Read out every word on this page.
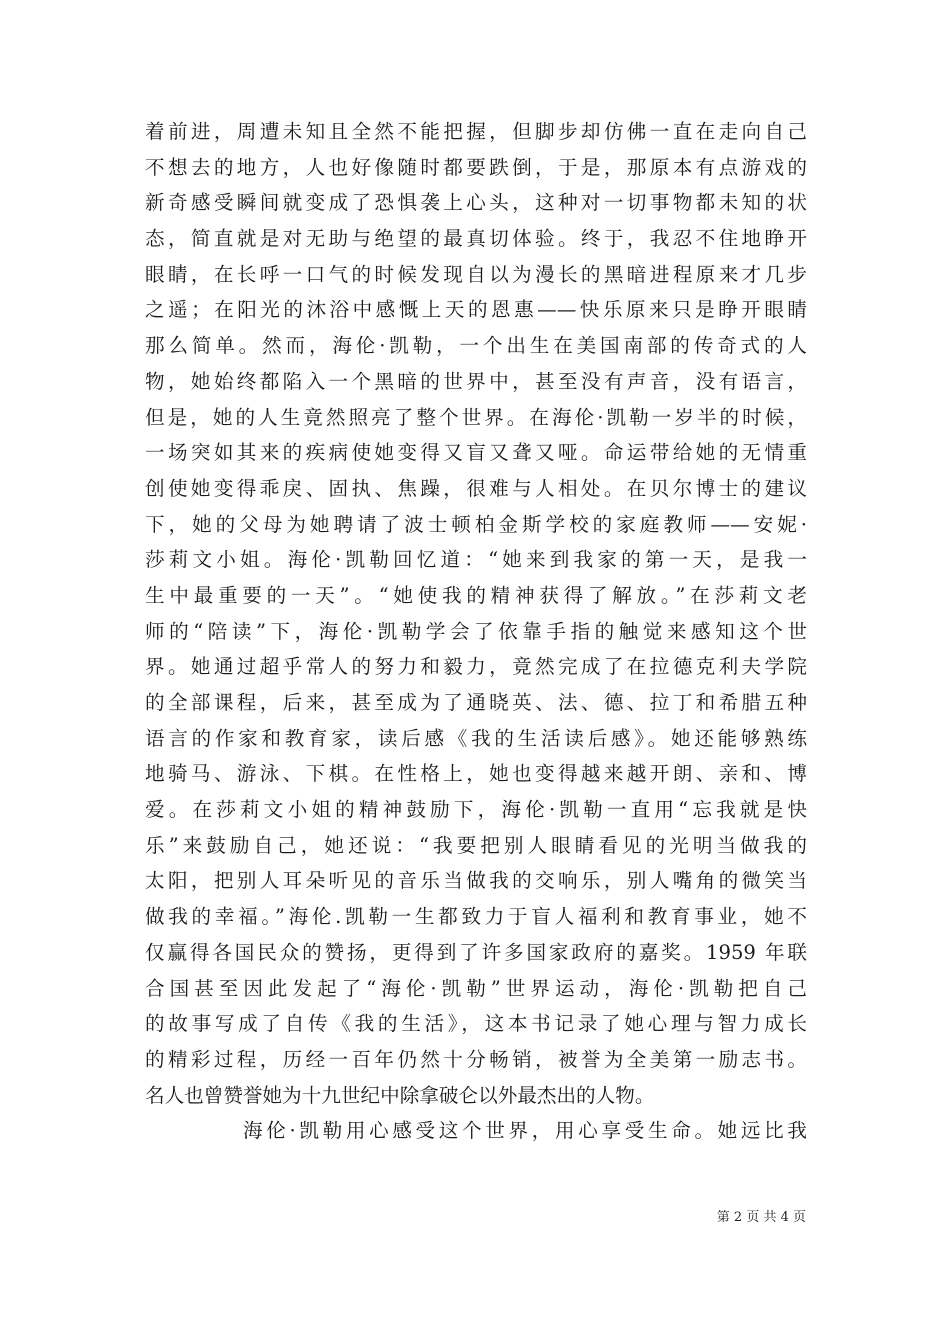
着前进，周遭未知且全然不能把握，但脚步却仿佛一直在走向自己
不想去的地方，人也好像随时都要跌倒，于是，那原本有点游戏的
新奇感受瞬间就变成了恐惧袭上心头，这种对一切事物都未知的状
态，简直就是对无助与绝望的最真切体验。终于，我忍不住地睁开
眼睛，在长呼一口气的时候发现自以为漫长的黑暗进程原来才几步
之遥；在阳光的沐浴中感慨上天的恩惠——快乐原来只是睁开眼睛
那么简单。然而，海伦·凯勒，一个出生在美国南部的传奇式的人
物，她始终都陷入一个黑暗的世界中，甚至没有声音，没有语言，
但是，她的人生竟然照亮了整个世界。在海伦·凯勒一岁半的时候，
一场突如其来的疾病使她变得又盲又聋又哑。命运带给她的无情重
创使她变得乖戾、固执、焦躁，很难与人相处。在贝尔博士的建议
下，她的父母为她聘请了波士顿柏金斯学校的家庭教师——安妮·
莎莉文小姐。海伦·凯勒回忆道：“她来到我家的第一天，是我一
生中最重要的一天”。“她使我的精神获得了解放。”在莎莉文老
师的“陪读”下，海伦·凯勒学会了依靠手指的触觉来感知这个世
界。她通过超乎常人的努力和毅力，竟然完成了在拉德克利夫学院
的全部课程，后来，甚至成为了通晓英、法、德、拉丁和希腊五种
语言的作家和教育家，读后感《我的生活读后感》。她还能够熟练
地骑马、游泳、下棋。在性格上，她也变得越来越开朗、亲和、博
爱。在莎莉文小姐的精神鼓励下，海伦·凯勒一直用“忘我就是快
乐”来鼓励自己，她还说：“我要把别人眼睛看见的光明当做我的
太阳，把别人耳朵听见的音乐当做我的交响乐，别人嘴角的微笑当
做我的幸福。”海伦.凯勒一生都致力于盲人福利和教育事业，她不
仅赢得各国民众的赞扬，更得到了许多国家政府的嘉奖。1959 年联
合国甚至因此发起了“海伦·凯勒”世界运动，海伦·凯勒把自己
的故事写成了自传《我的生活》，这本书记录了她心理与智力成长
的精彩过程，历经一百年仍然十分畅销，被誉为全美第一励志书。
名人也曾赞誉她为十九世纪中除拿破仑以外最杰出的人物。
海伦·凯勒用心感受这个世界，用心享受生命。她远比我
第 2 页 共 4 页
